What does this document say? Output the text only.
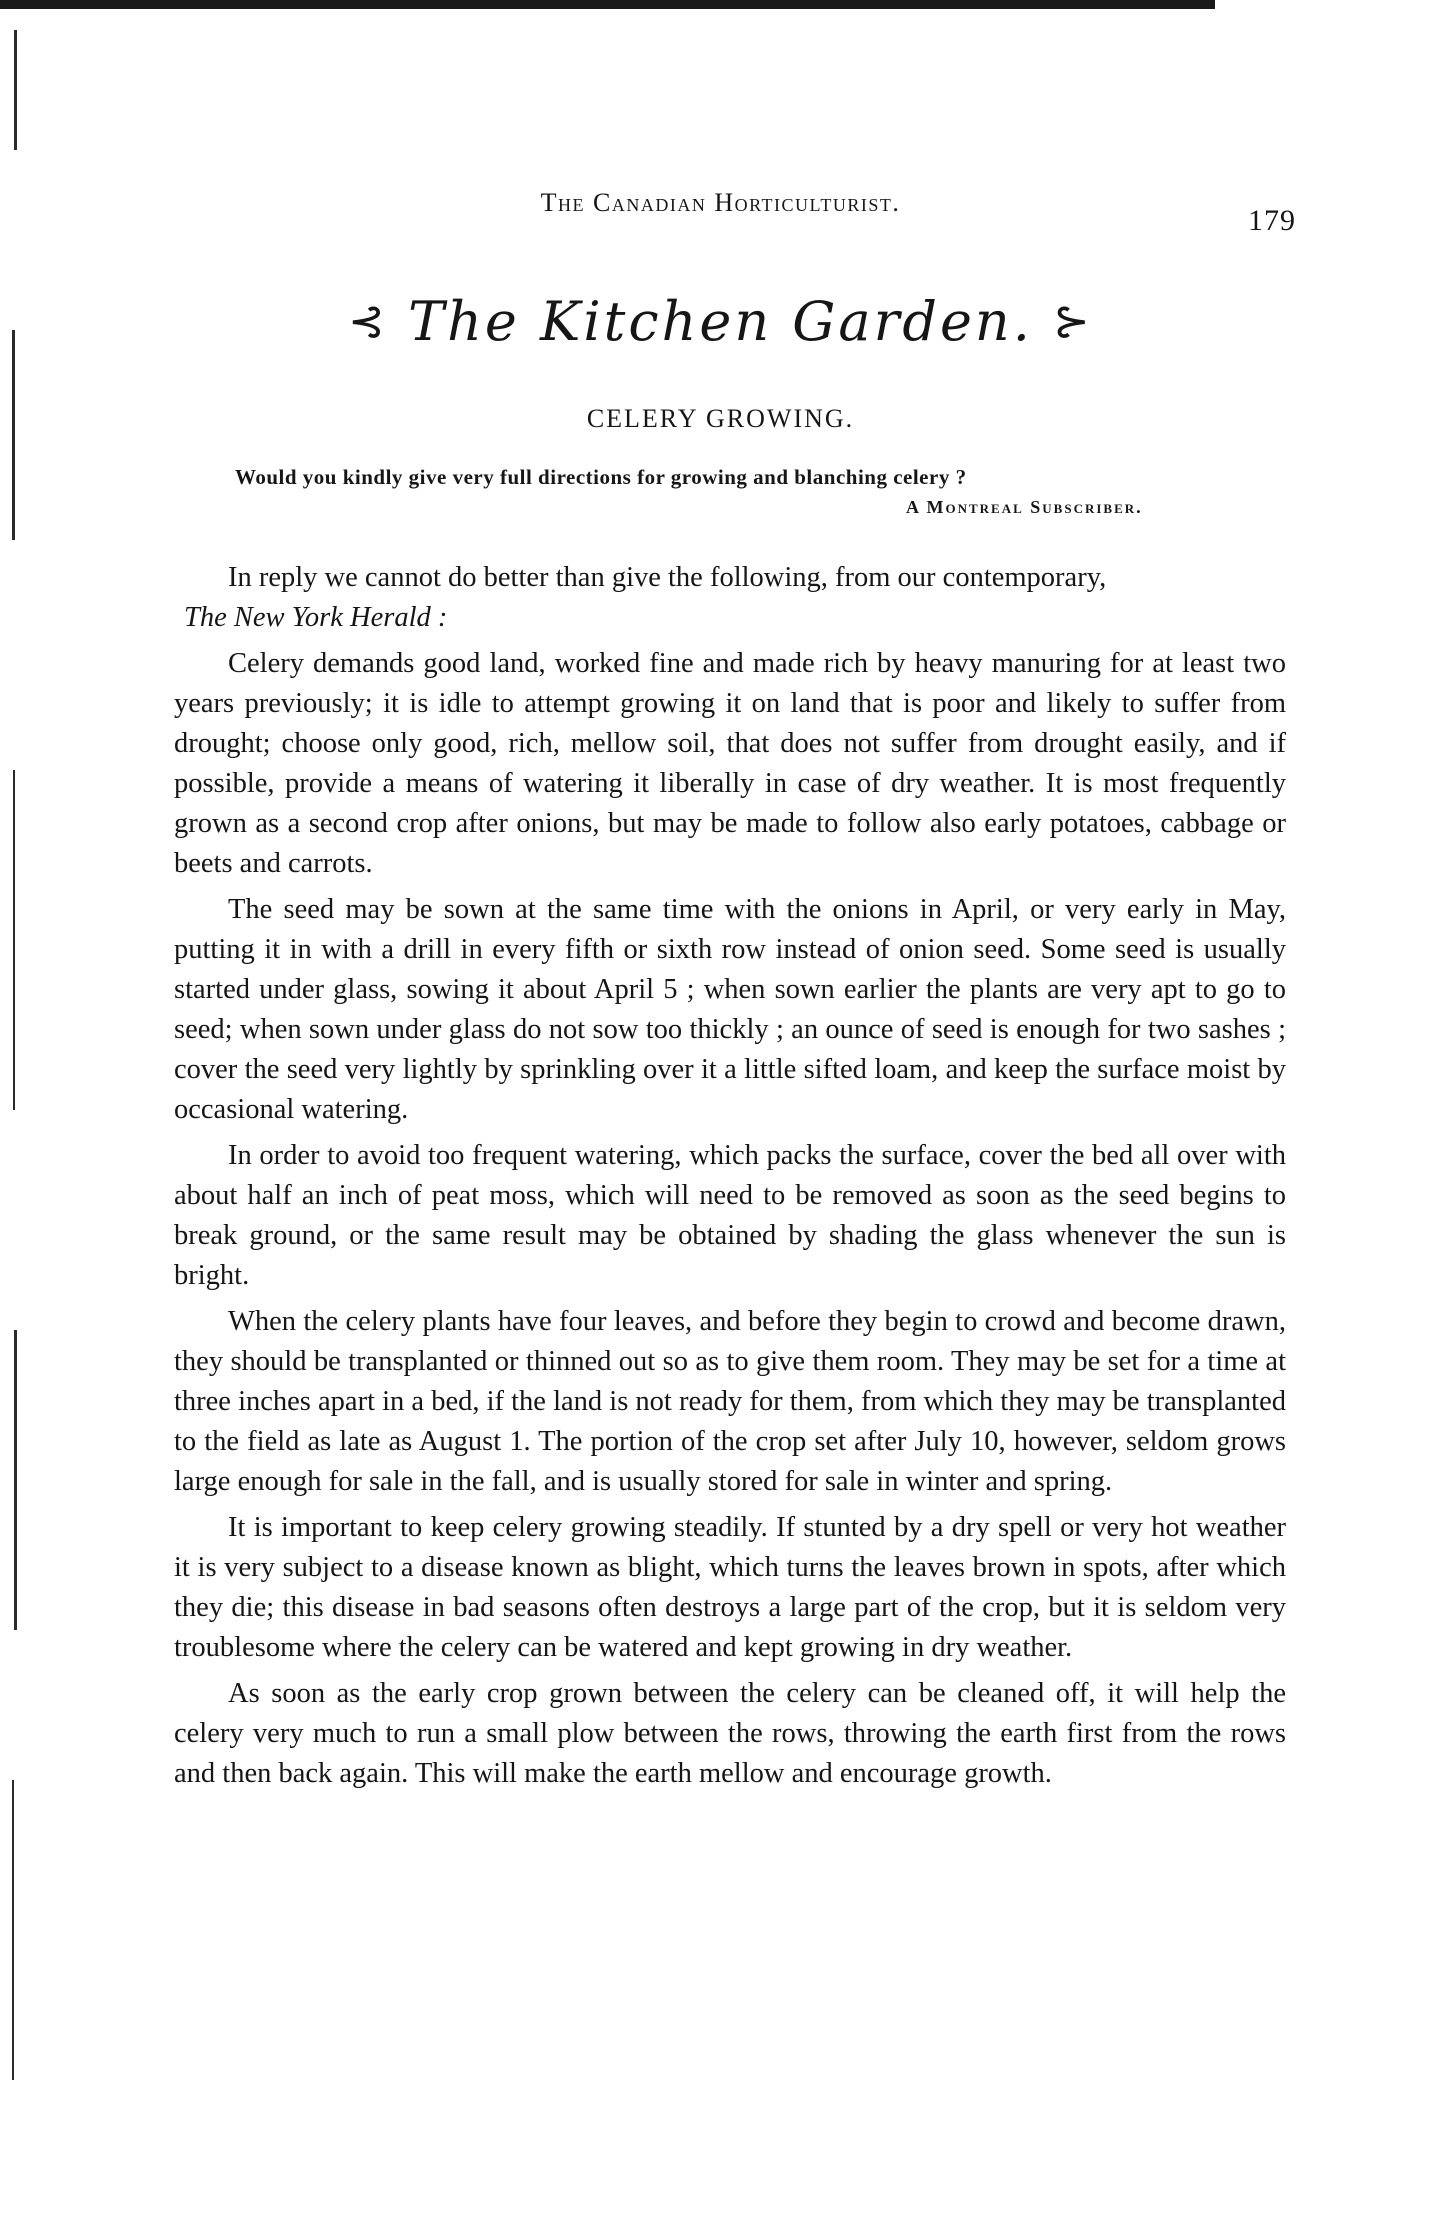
The Canadian Horticulturist.
179
⊰ The Kitchen Garden. ⊱
CELERY GROWING.
Would you kindly give very full directions for growing and blanching celery ?
A Montreal Subscriber.

In reply we cannot do better than give the following, from our contemporary,

The New York Herald :

Celery demands good land, worked fine and made rich by heavy manuring for at least two years previously; it is idle to attempt growing it on land that is poor and likely to suffer from drought; choose only good, rich, mellow soil, that does not suffer from drought easily, and if possible, provide a means of watering it liberally in case of dry weather. It is most frequently grown as a second crop after onions, but may be made to follow also early potatoes, cabbage or beets and carrots.

The seed may be sown at the same time with the onions in April, or very early in May, putting it in with a drill in every fifth or sixth row instead of onion seed. Some seed is usually started under glass, sowing it about April 5 ; when sown earlier the plants are very apt to go to seed; when sown under glass do not sow too thickly ; an ounce of seed is enough for two sashes ; cover the seed very lightly by sprinkling over it a little sifted loam, and keep the surface moist by occasional watering.

In order to avoid too frequent watering, which packs the surface, cover the bed all over with about half an inch of peat moss, which will need to be removed as soon as the seed begins to break ground, or the same result may be obtained by shading the glass whenever the sun is bright.

When the celery plants have four leaves, and before they begin to crowd and become drawn, they should be transplanted or thinned out so as to give them room. They may be set for a time at three inches apart in a bed, if the land is not ready for them, from which they may be transplanted to the field as late as August 1. The portion of the crop set after July 10, however, seldom grows large enough for sale in the fall, and is usually stored for sale in winter and spring.

It is important to keep celery growing steadily. If stunted by a dry spell or very hot weather it is very subject to a disease known as blight, which turns the leaves brown in spots, after which they die; this disease in bad seasons often destroys a large part of the crop, but it is seldom very troublesome where the celery can be watered and kept growing in dry weather.

As soon as the early crop grown between the celery can be cleaned off, it will help the celery very much to run a small plow between the rows, throwing the earth first from the rows and then back again. This will make the earth mellow and encourage growth.
